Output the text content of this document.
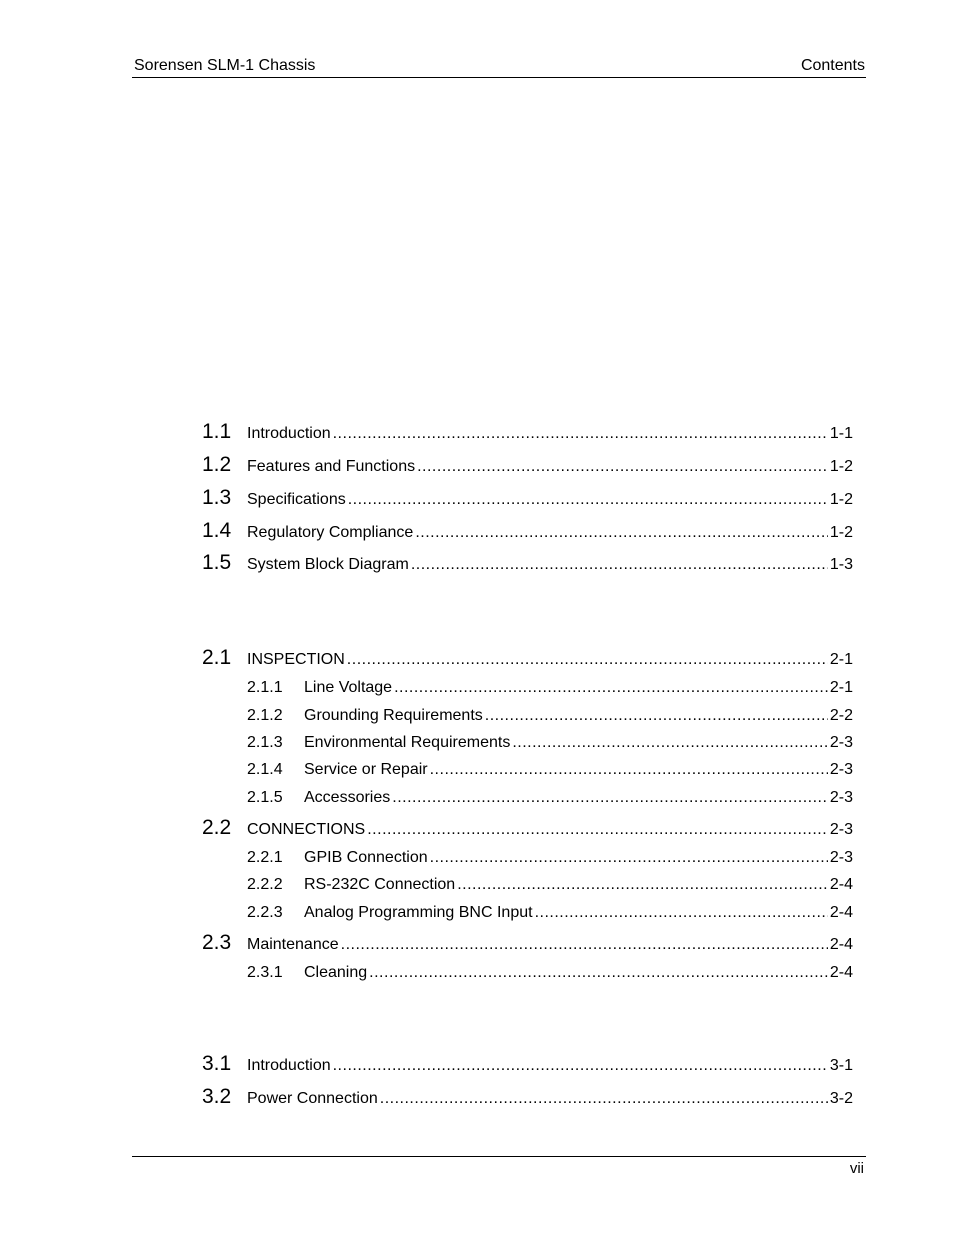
Sorensen SLM-1 Chassis	Contents
1.1 Introduction .....	1-1
1.2 Features and Functions .....	1-2
1.3 Specifications .....	1-2
1.4 Regulatory Compliance .....	1-2
1.5 System Block Diagram .....	1-3
2.1 INSPECTION .....	2-1
2.1.1	Line Voltage .....	2-1
2.1.2	Grounding Requirements .....	2-2
2.1.3	Environmental Requirements .....	2-3
2.1.4	Service or Repair .....	2-3
2.1.5	Accessories .....	2-3
2.2 CONNECTIONS .....	2-3
2.2.1	GPIB Connection .....	2-3
2.2.2	RS-232C Connection .....	2-4
2.2.3	Analog Programming BNC Input .....	2-4
2.3 Maintenance .....	2-4
2.3.1	Cleaning .....	2-4
3.1 Introduction .....	3-1
3.2 Power Connection .....	3-2
vii
